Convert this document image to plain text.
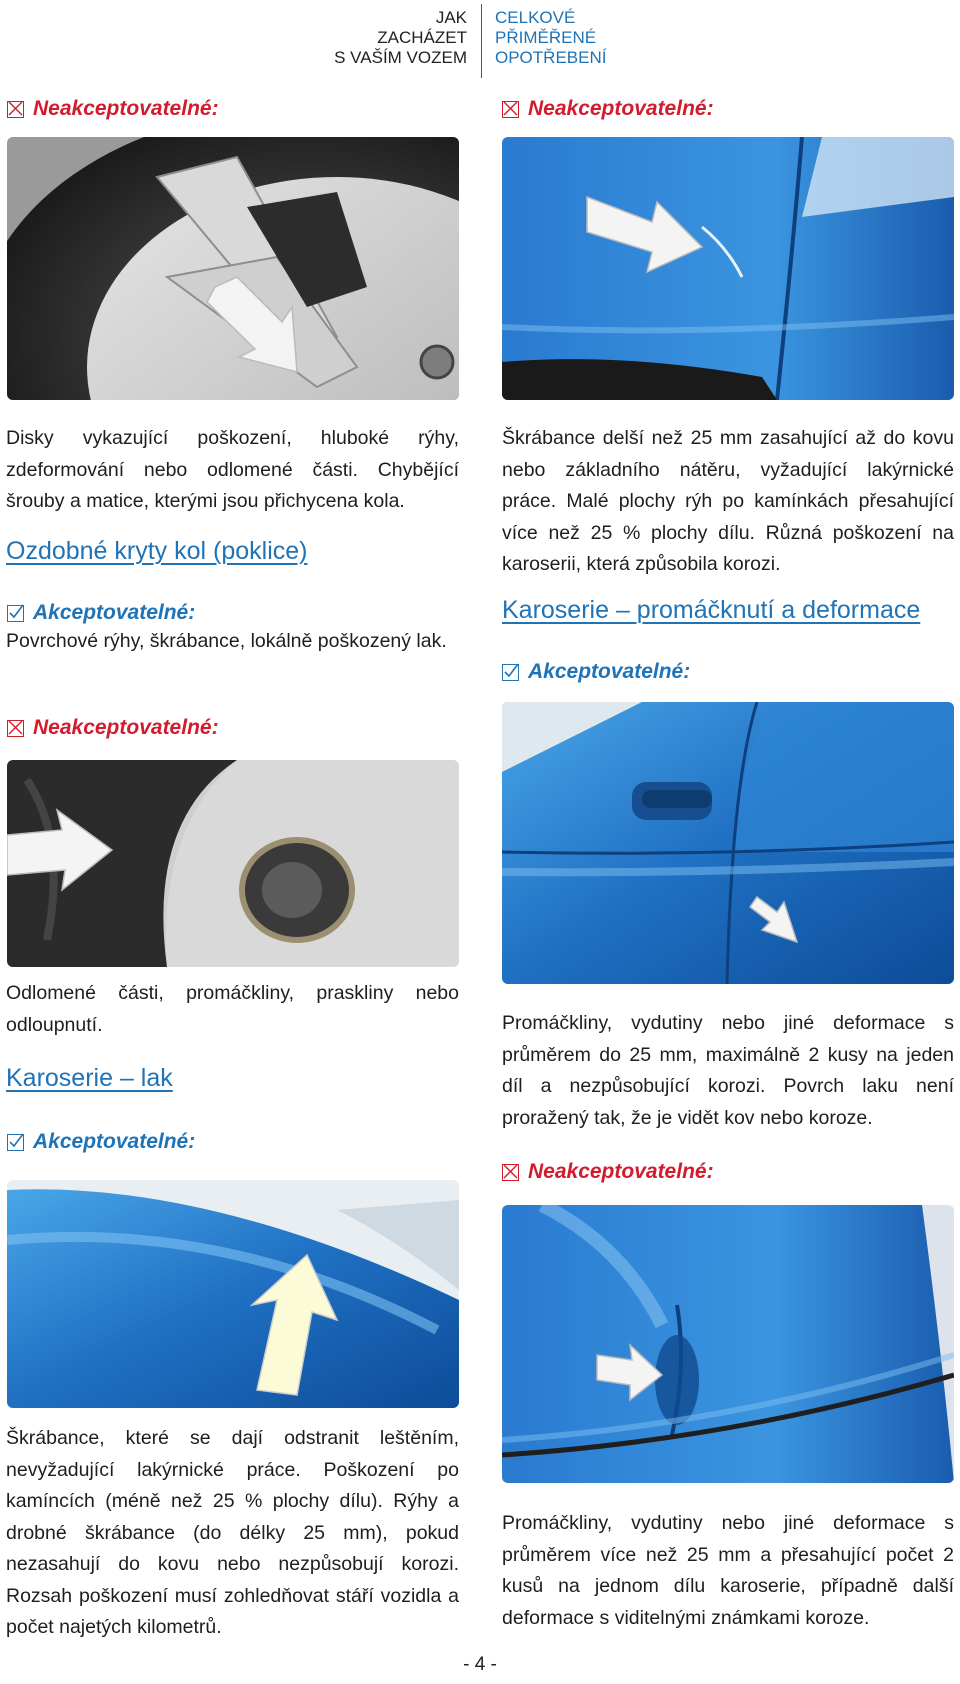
JAK
ZACHÁZET
S VAŠÍM VOZEM
CELKOVÉ
PŘIMĚŘENÉ
OPOTŘEBENÍ
Neakceptovatelné:

Disky vykazující poškození, hluboké rýhy, zdeformování nebo odlomené části. Chybějící šrouby a matice, kterými jsou přichycena kola.

Ozdobné kryty kol (poklice)
Akceptovatelné:

Povrchové rýhy, škrábance, lokálně poškozený lak.

Neakceptovatelné:

Odlomené části, promáčkliny, praskliny nebo odloupnutí.

Karoserie – lak
Akceptovatelné:

Škrábance, které se dají odstranit leštěním, nevyžadující lakýrnické práce. Poškození po kamíncích (méně než 25 % plochy dílu). Rýhy a drobné škrábance (do délky 25 mm), pokud nezasahují do kovu nebo nezpůsobují korozi. Rozsah poškození musí zohledňovat stáří vozidla a počet najetých kilometrů.

Neakceptovatelné:

Škrábance delší než 25 mm zasahující až do kovu nebo základního nátěru, vyžadující lakýrnické práce. Malé plochy rýh po kamínkách přesahující více než 25 % plochy dílu. Různá poškození na karoserii, která způsobila korozi.

Karoserie – promáčknutí a deformace
Akceptovatelné:

Promáčkliny, vydutiny nebo jiné deformace s průměrem do 25 mm, maximálně 2 kusy na jeden díl a nezpůsobující korozi. Povrch laku není proražený tak, že je vidět kov nebo koroze.

Neakceptovatelné:

Promáčkliny, vydutiny nebo jiné deformace s průměrem více než 25 mm a přesahující počet 2 kusů na jednom dílu karoserie, případně další deformace s viditelnými známkami koroze.

- 4 -
